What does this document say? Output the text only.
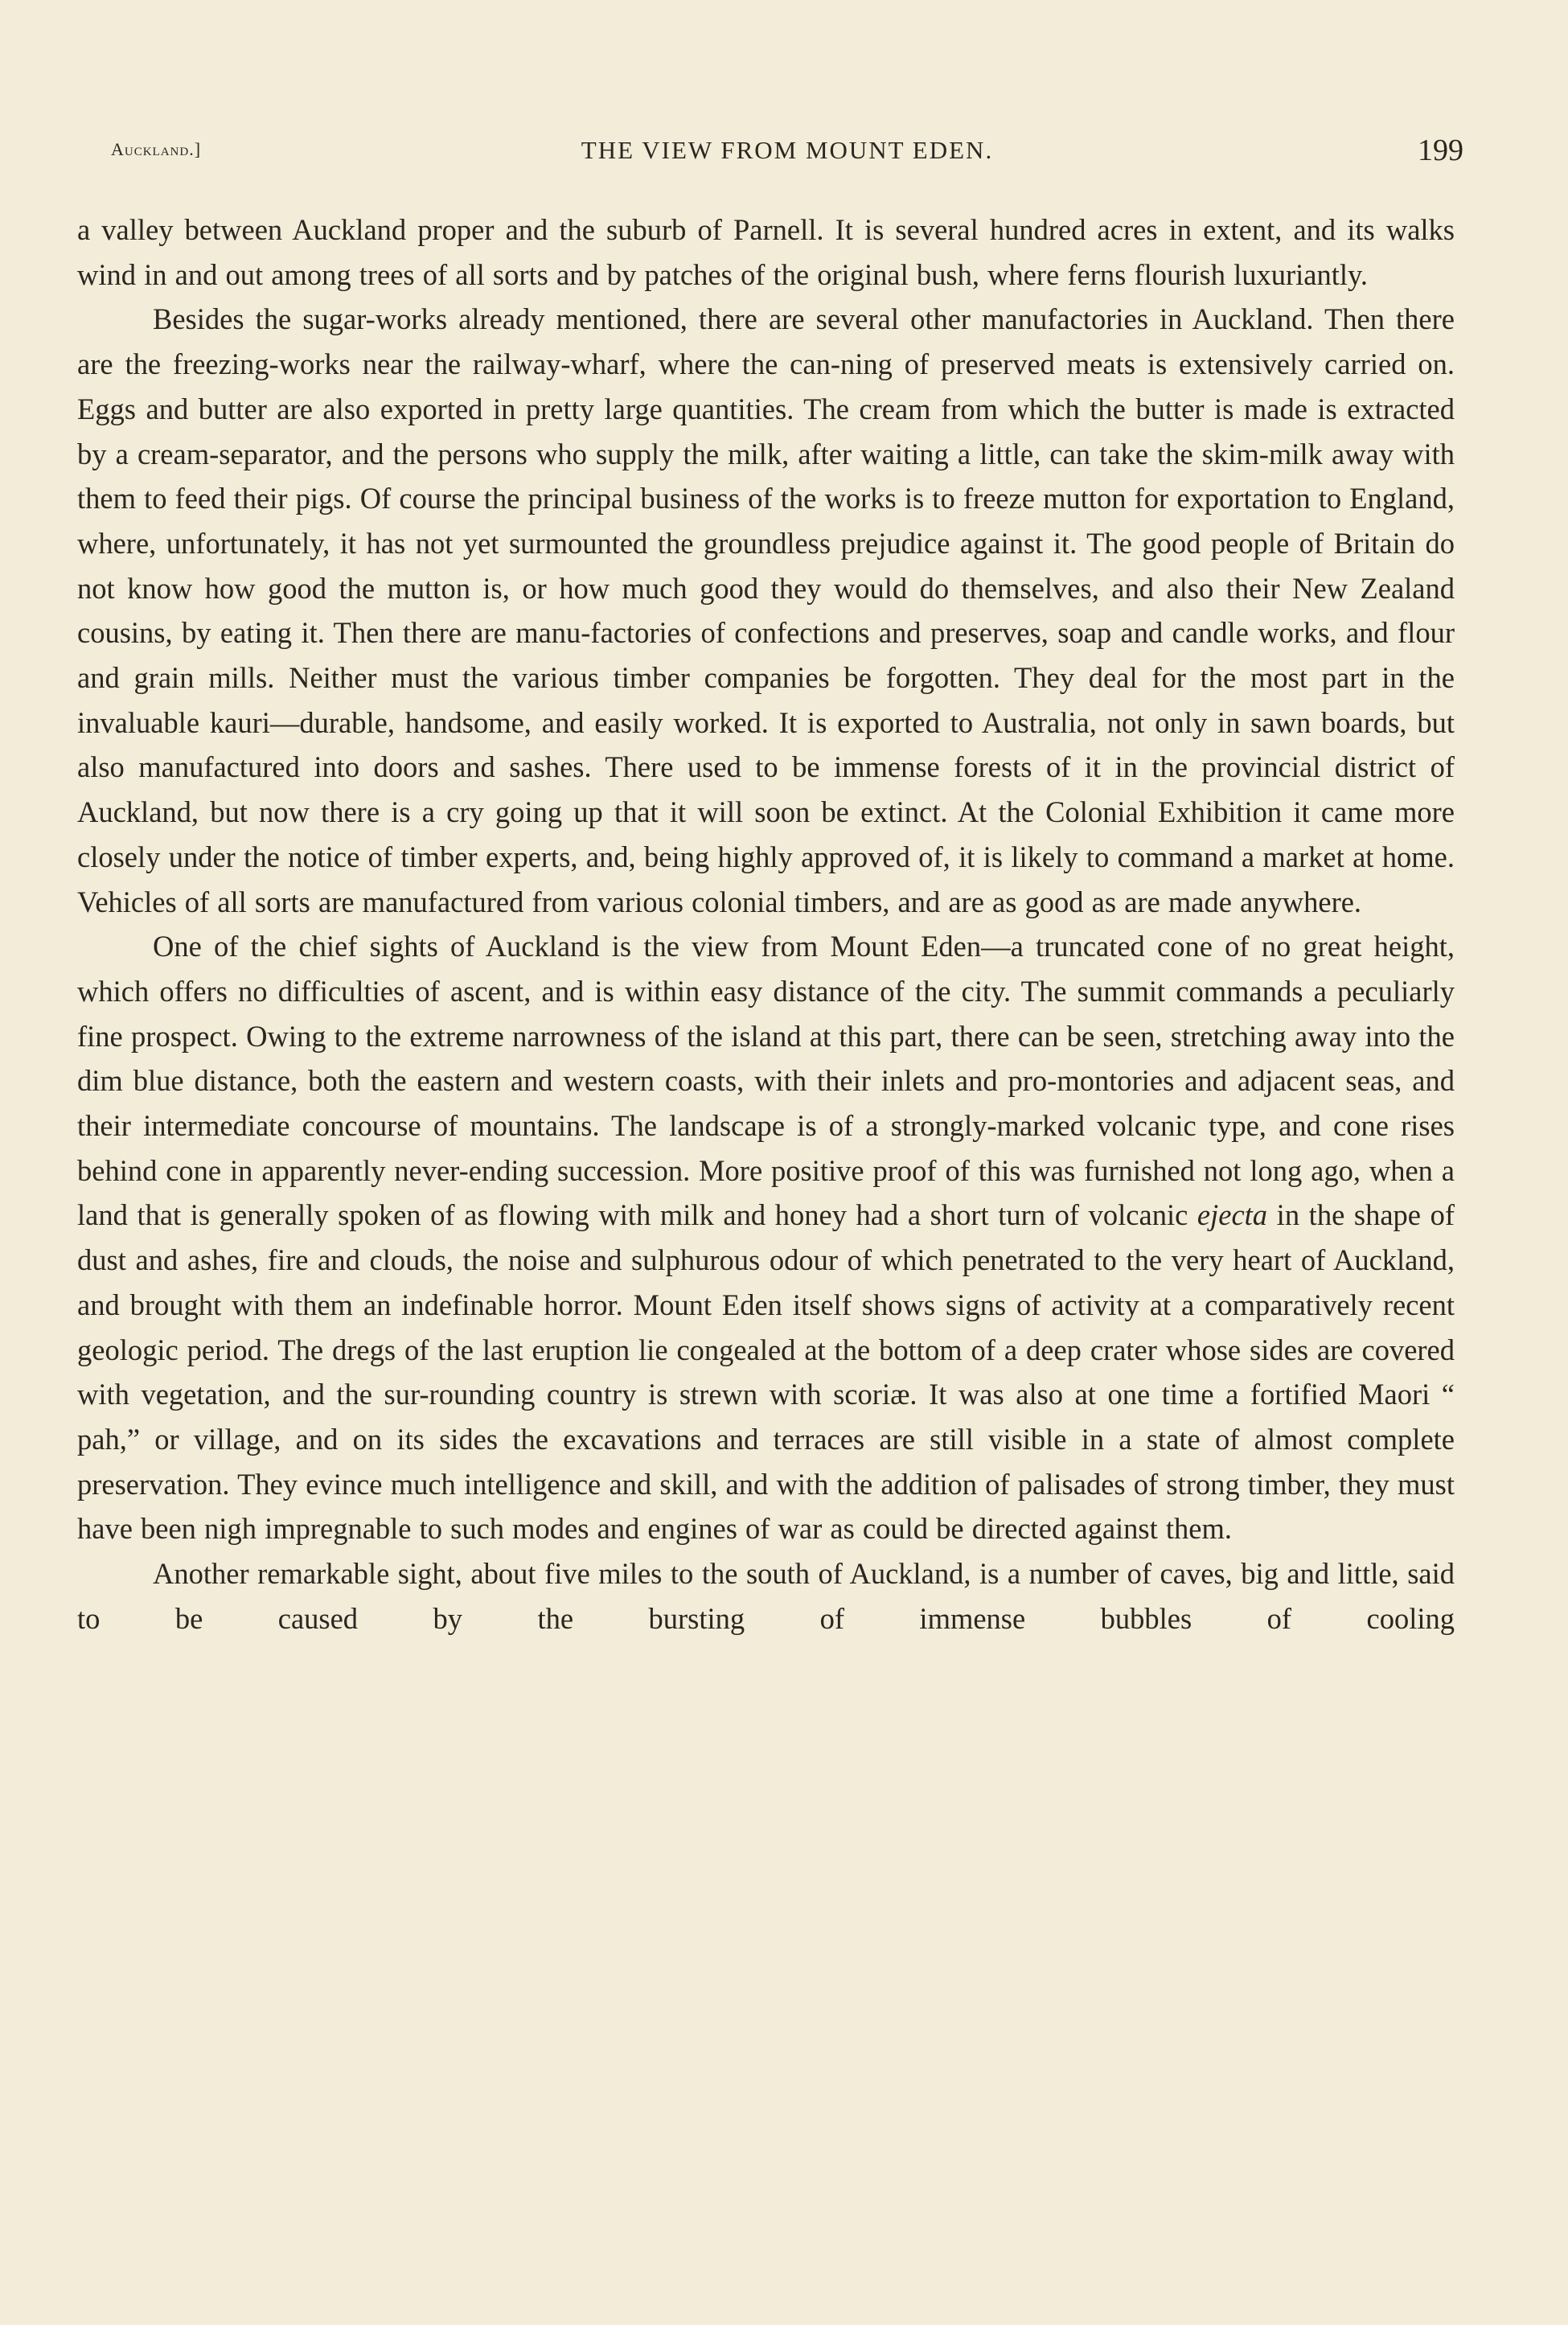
Auckland.]	THE VIEW FROM MOUNT EDEN.	199

a valley between Auckland proper and the suburb of Parnell. It is several hundred acres in extent, and its walks wind in and out among trees of all sorts and by patches of the original bush, where ferns flourish luxuriantly.

Besides the sugar-works already mentioned, there are several other manufactories in Auckland. Then there are the freezing-works near the railway-wharf, where the can-ning of preserved meats is extensively carried on. Eggs and butter are also exported in pretty large quantities. The cream from which the butter is made is extracted by a cream-separator, and the persons who supply the milk, after waiting a little, can take the skim-milk away with them to feed their pigs. Of course the principal business of the works is to freeze mutton for exportation to England, where, unfortunately, it has not yet surmounted the groundless prejudice against it. The good people of Britain do not know how good the mutton is, or how much good they would do themselves, and also their New Zealand cousins, by eating it. Then there are manu-factories of confections and preserves, soap and candle works, and flour and grain mills. Neither must the various timber companies be forgotten. They deal for the most part in the invaluable kauri—durable, handsome, and easily worked. It is exported to Australia, not only in sawn boards, but also manufactured into doors and sashes. There used to be immense forests of it in the provincial district of Auckland, but now there is a cry going up that it will soon be extinct. At the Colonial Exhibition it came more closely under the notice of timber experts, and, being highly approved of, it is likely to command a market at home. Vehicles of all sorts are manufactured from various colonial timbers, and are as good as are made anywhere.

One of the chief sights of Auckland is the view from Mount Eden—a truncated cone of no great height, which offers no difficulties of ascent, and is within easy distance of the city. The summit commands a peculiarly fine prospect. Owing to the extreme narrowness of the island at this part, there can be seen, stretching away into the dim blue distance, both the eastern and western coasts, with their inlets and pro-montories and adjacent seas, and their intermediate concourse of mountains. The landscape is of a strongly-marked volcanic type, and cone rises behind cone in apparently never-ending succession. More positive proof of this was furnished not long ago, when a land that is generally spoken of as flowing with milk and honey had a short turn of volcanic ejecta in the shape of dust and ashes, fire and clouds, the noise and sulphurous odour of which penetrated to the very heart of Auckland, and brought with them an indefinable horror. Mount Eden itself shows signs of activity at a comparatively recent geologic period. The dregs of the last eruption lie congealed at the bottom of a deep crater whose sides are covered with vegetation, and the sur-rounding country is strewn with scoriæ. It was also at one time a fortified Maori “ pah,” or village, and on its sides the excavations and terraces are still visible in a state of almost complete preservation. They evince much intelligence and skill, and with the addition of palisades of strong timber, they must have been nigh impregnable to such modes and engines of war as could be directed against them.

Another remarkable sight, about five miles to the south of Auckland, is a number of caves, big and little, said to be caused by the bursting of immense bubbles of cooling
